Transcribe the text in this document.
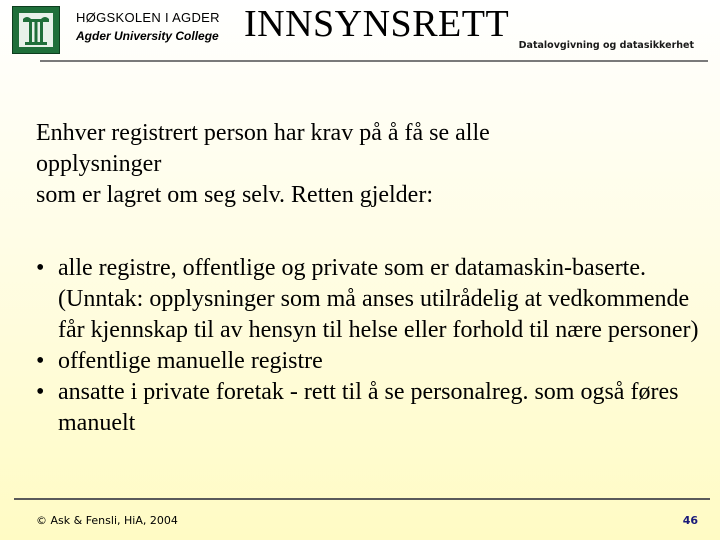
HØGSKOLEN I AGDER
Agder University College INNSYNSRETT
Datalovgivning og datasikkerhet
Enhver registrert person har krav på å få se alle
opplysninger
som er lagret om seg selv. Retten gjelder:
• alle registre, offentlige og private som er datamaskin-baserte. (Unntak: opplysninger som må anses utilrådelig at vedkommende får kjennskap til av hensyn til helse eller forhold til nære personer)
• offentlige manuelle registre
• ansatte i private foretak - rett til å se personalreg. som også føres manuelt
© Ask & Fensli, HiA, 2004	46
